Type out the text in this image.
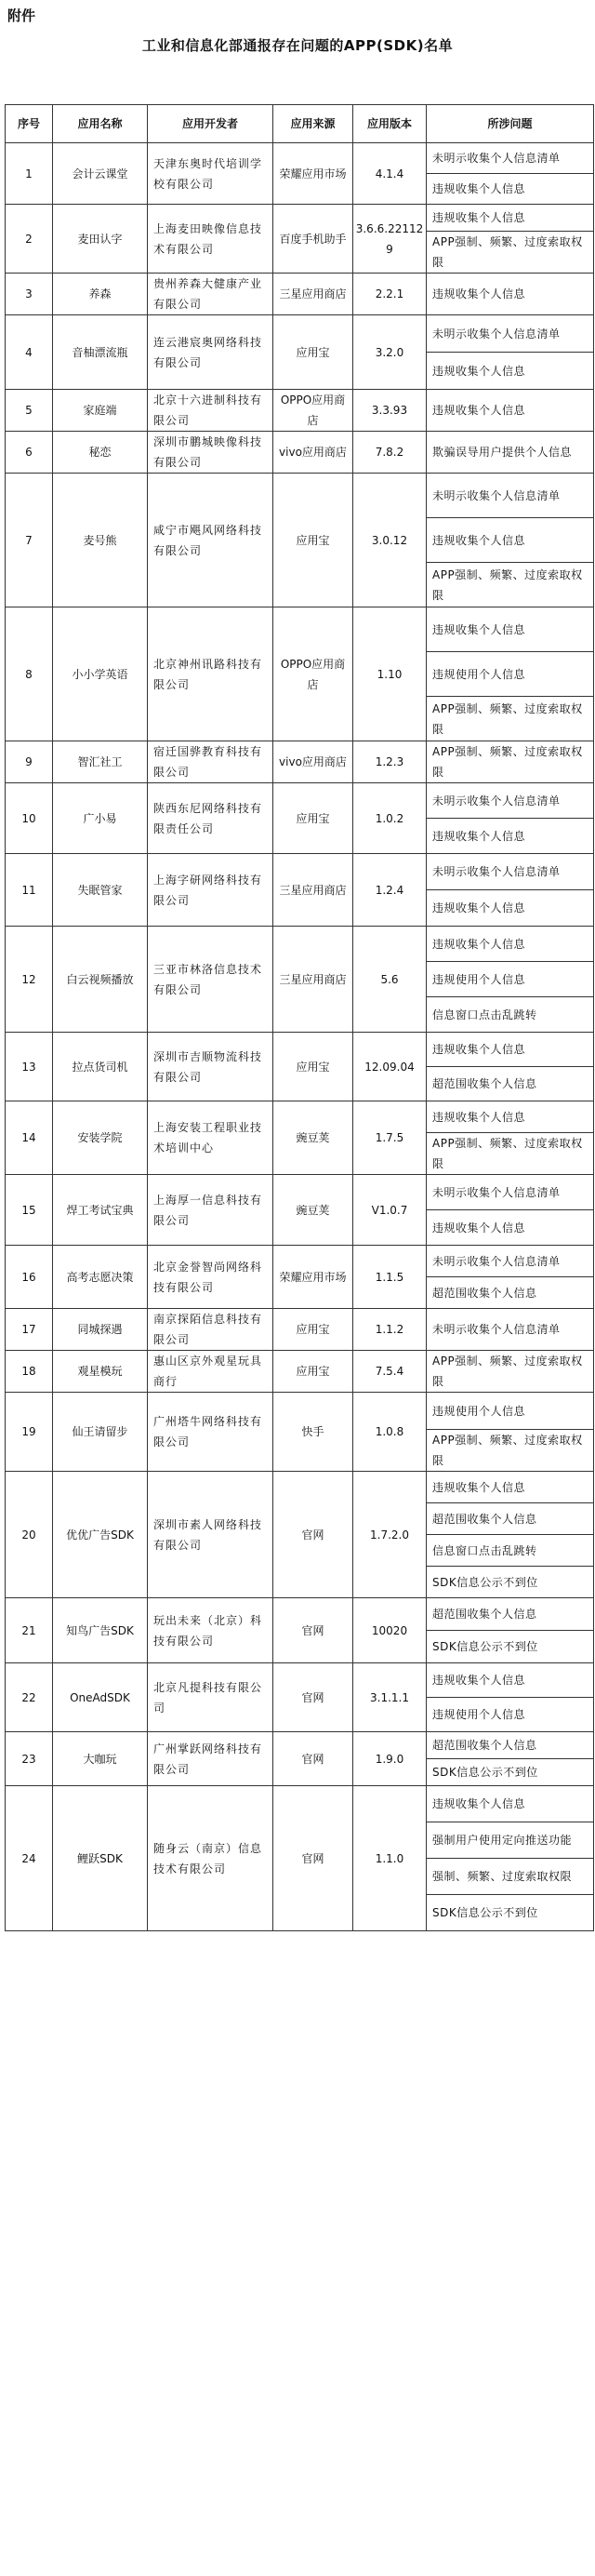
附件
工业和信息化部通报存在问题的APP(SDK)名单
序号	应用名称	应用开发者	应用来源	应用版本	所涉问题
1	会计云课堂	天津东奥时代培训学校有限公司	荣耀应用市场	4.1.4	未明示收集个人信息清单
					违规收集个人信息
2	麦田认字	上海麦田映像信息技术有限公司	百度手机助手	3.6.6.221129	违规收集个人信息
					APP强制、频繁、过度索取权限
3	养森	贵州养森大健康产业有限公司	三星应用商店	2.2.1	违规收集个人信息
4	音柚漂流瓶	连云港宸奥网络科技有限公司	应用宝	3.2.0	未明示收集个人信息清单
					违规收集个人信息
5	家庭端	北京十六进制科技有限公司	OPPO应用商店	3.3.93	违规收集个人信息
6	秘恋	深圳市鹏城映像科技有限公司	vivo应用商店	7.8.2	欺骗误导用户提供个人信息
7	麦号熊	咸宁市飓风网络科技有限公司	应用宝	3.0.12	未明示收集个人信息清单
					违规收集个人信息
					APP强制、频繁、过度索取权限
8	小小学英语	北京神州讯路科技有限公司	OPPO应用商店	1.10	违规收集个人信息
					违规使用个人信息
					APP强制、频繁、过度索取权限
9	智汇社工	宿迁国骅教育科技有限公司	vivo应用商店	1.2.3	APP强制、频繁、过度索取权限
10	广小易	陕西东尼网络科技有限责任公司	应用宝	1.0.2	未明示收集个人信息清单
					违规收集个人信息
11	失眠管家	上海字研网络科技有限公司	三星应用商店	1.2.4	未明示收集个人信息清单
					违规收集个人信息
12	白云视频播放	三亚市林洛信息技术有限公司	三星应用商店	5.6	违规收集个人信息
					违规使用个人信息
					信息窗口点击乱跳转
13	拉点货司机	深圳市吉顺物流科技有限公司	应用宝	12.09.04	违规收集个人信息
					超范围收集个人信息
14	安装学院	上海安装工程职业技术培训中心	豌豆荚	1.7.5	违规收集个人信息
					APP强制、频繁、过度索取权限
15	焊工考试宝典	上海厚一信息科技有限公司	豌豆荚	V1.0.7	未明示收集个人信息清单
					违规收集个人信息
16	高考志愿决策	北京金誉智尚网络科技有限公司	荣耀应用市场	1.1.5	未明示收集个人信息清单
					超范围收集个人信息
17	同城探遇	南京探陌信息科技有限公司	应用宝	1.1.2	未明示收集个人信息清单
18	观星模玩	惠山区京外观星玩具商行	应用宝	7.5.4	APP强制、频繁、过度索取权限
19	仙王请留步	广州塔牛网络科技有限公司	快手	1.0.8	违规使用个人信息
					APP强制、频繁、过度索取权限
20	优优广告SDK	深圳市素人网络科技有限公司	官网	1.7.2.0	违规收集个人信息
					超范围收集个人信息
					信息窗口点击乱跳转
					SDK信息公示不到位
21	知鸟广告SDK	玩出未来（北京）科技有限公司	官网	10020	超范围收集个人信息
					SDK信息公示不到位
22	OneAdSDK	北京凡提科技有限公司	官网	3.1.1.1	违规收集个人信息
					违规使用个人信息
23	大咖玩	广州掌跃网络科技有限公司	官网	1.9.0	超范围收集个人信息
					SDK信息公示不到位
24	鲤跃SDK	随身云（南京）信息技术有限公司	官网	1.1.0	违规收集个人信息
					强制用户使用定向推送功能
					强制、频繁、过度索取权限
					SDK信息公示不到位
